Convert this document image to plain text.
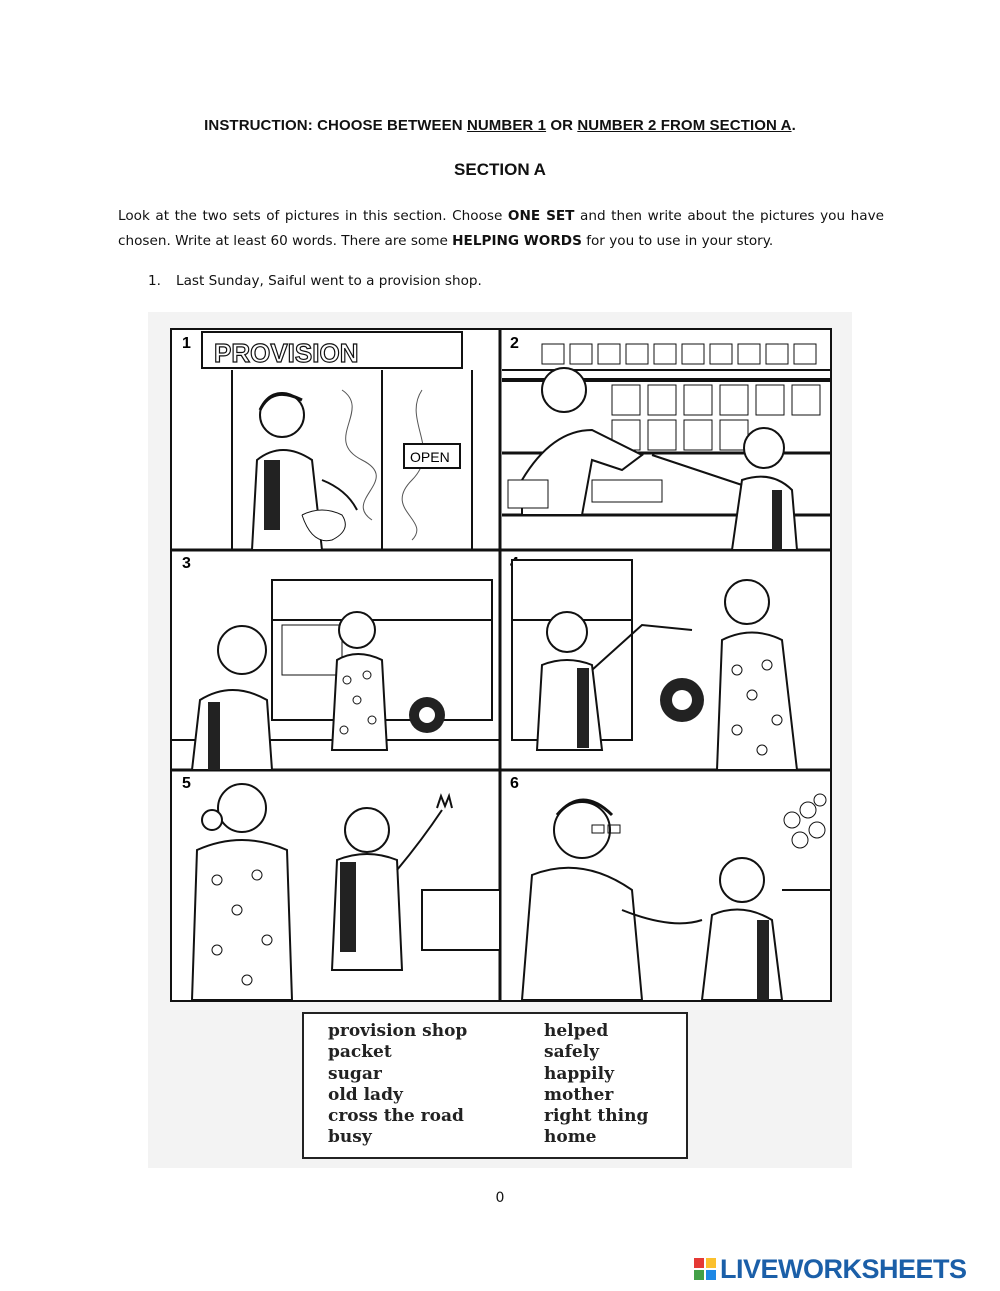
INSTRUCTION: CHOOSE BETWEEN NUMBER 1 OR NUMBER 2 FROM SECTION A.
SECTION A
Look at the two sets of pictures in this section. Choose ONE SET and then write about the pictures you have chosen. Write at least 60 words. There are some HELPING WORDS for you to use in your story.
1. Last Sunday, Saiful went to a provision shop.
1 PROVISION
OPEN
2
3
5	6
provision shop
packet
sugar
old lady
cross the road
busy
helped
safely
happily
mother
right thing
home
0
LIVEWORKSHEETS
